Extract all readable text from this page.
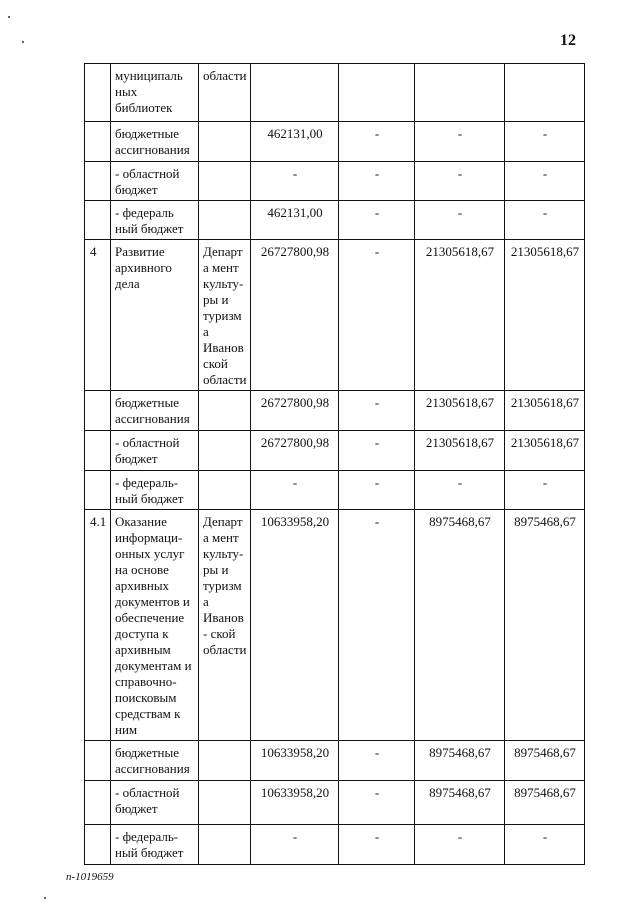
12
	муниципаль ных библиотек	области				
	бюджетные ассигнования		462131,00	-	-	-
	- областной бюджет		-	-	-	-
	- федераль ный бюджет		462131,00	-	-	-
4	Развитие архивного дела	Департа мент культу- ры и туризма Иванов ской области	26727800,98	-	21305618,67	21305618,67
	бюджетные ассигнования		26727800,98	-	21305618,67	21305618,67
	- областной бюджет		26727800,98	-	21305618,67	21305618,67
	- федераль- ный бюджет		-	-	-	-
4.1	Оказание информаци- онных услуг на основе архивных документов и обеспечение доступа к архивным документам и справочно- поисковым средствам к ним	Департа мент культу- ры и туризма Иванов- ской области	10633958,20	-	8975468,67	8975468,67
	бюджетные ассигнования		10633958,20	-	8975468,67	8975468,67
	- областной бюджет		10633958,20	-	8975468,67	8975468,67
	- федераль- ный бюджет		-	-	-	-
n-1019659
